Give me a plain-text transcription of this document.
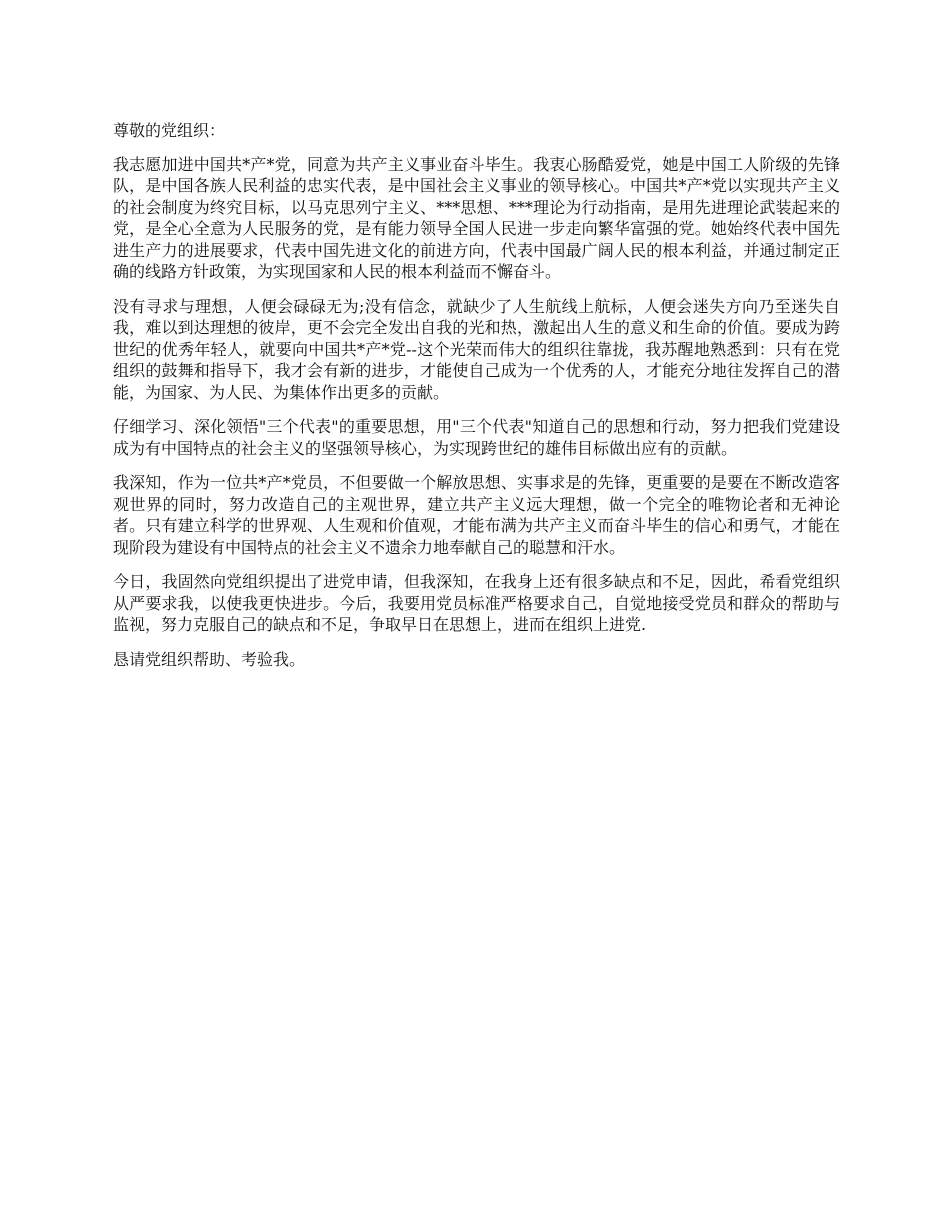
尊敬的党组织：

我志愿加进中国共*产*党，同意为共产主义事业奋斗毕生。我衷心肠酷爱党，她是中国工人阶级的先锋队，是中国各族人民利益的忠实代表，是中国社会主义事业的领导核心。中国共*产*党以实现共产主义的社会制度为终究目标，以马克思列宁主义、***思想、***理论为行动指南，是用先进理论武装起来的党，是全心全意为人民服务的党，是有能力领导全国人民进一步走向繁华富强的党。她始终代表中国先进生产力的进展要求，代表中国先进文化的前进方向，代表中国最广阔人民的根本利益，并通过制定正确的线路方针政策，为实现国家和人民的根本利益而不懈奋斗。

没有寻求与理想，人便会碌碌无为;没有信念，就缺少了人生航线上航标，人便会迷失方向乃至迷失自我，难以到达理想的彼岸，更不会完全发出自我的光和热，激起出人生的意义和生命的价值。要成为跨世纪的优秀年轻人，就要向中国共*产*党--这个光荣而伟大的组织往靠拢，我苏醒地熟悉到：只有在党组织的鼓舞和指导下，我才会有新的进步，才能使自己成为一个优秀的人，才能充分地往发挥自己的潜能，为国家、为人民、为集体作出更多的贡献。

仔细学习、深化领悟"三个代表"的重要思想，用"三个代表"知道自己的思想和行动，努力把我们党建设成为有中国特点的社会主义的坚强领导核心，为实现跨世纪的雄伟目标做出应有的贡献。

我深知，作为一位共*产*党员，不但要做一个解放思想、实事求是的先锋，更重要的是要在不断改造客观世界的同时，努力改造自己的主观世界，建立共产主义远大理想，做一个完全的唯物论者和无神论者。只有建立科学的世界观、人生观和价值观，才能布满为共产主义而奋斗毕生的信心和勇气，才能在现阶段为建设有中国特点的社会主义不遗余力地奉献自己的聪慧和汗水。

今日，我固然向党组织提出了进党申请，但我深知，在我身上还有很多缺点和不足，因此，希看党组织从严要求我，以使我更快进步。今后，我要用党员标准严格要求自己，自觉地接受党员和群众的帮助与监视，努力克服自己的缺点和不足，争取早日在思想上，进而在组织上进党.

恳请党组织帮助、考验我。
